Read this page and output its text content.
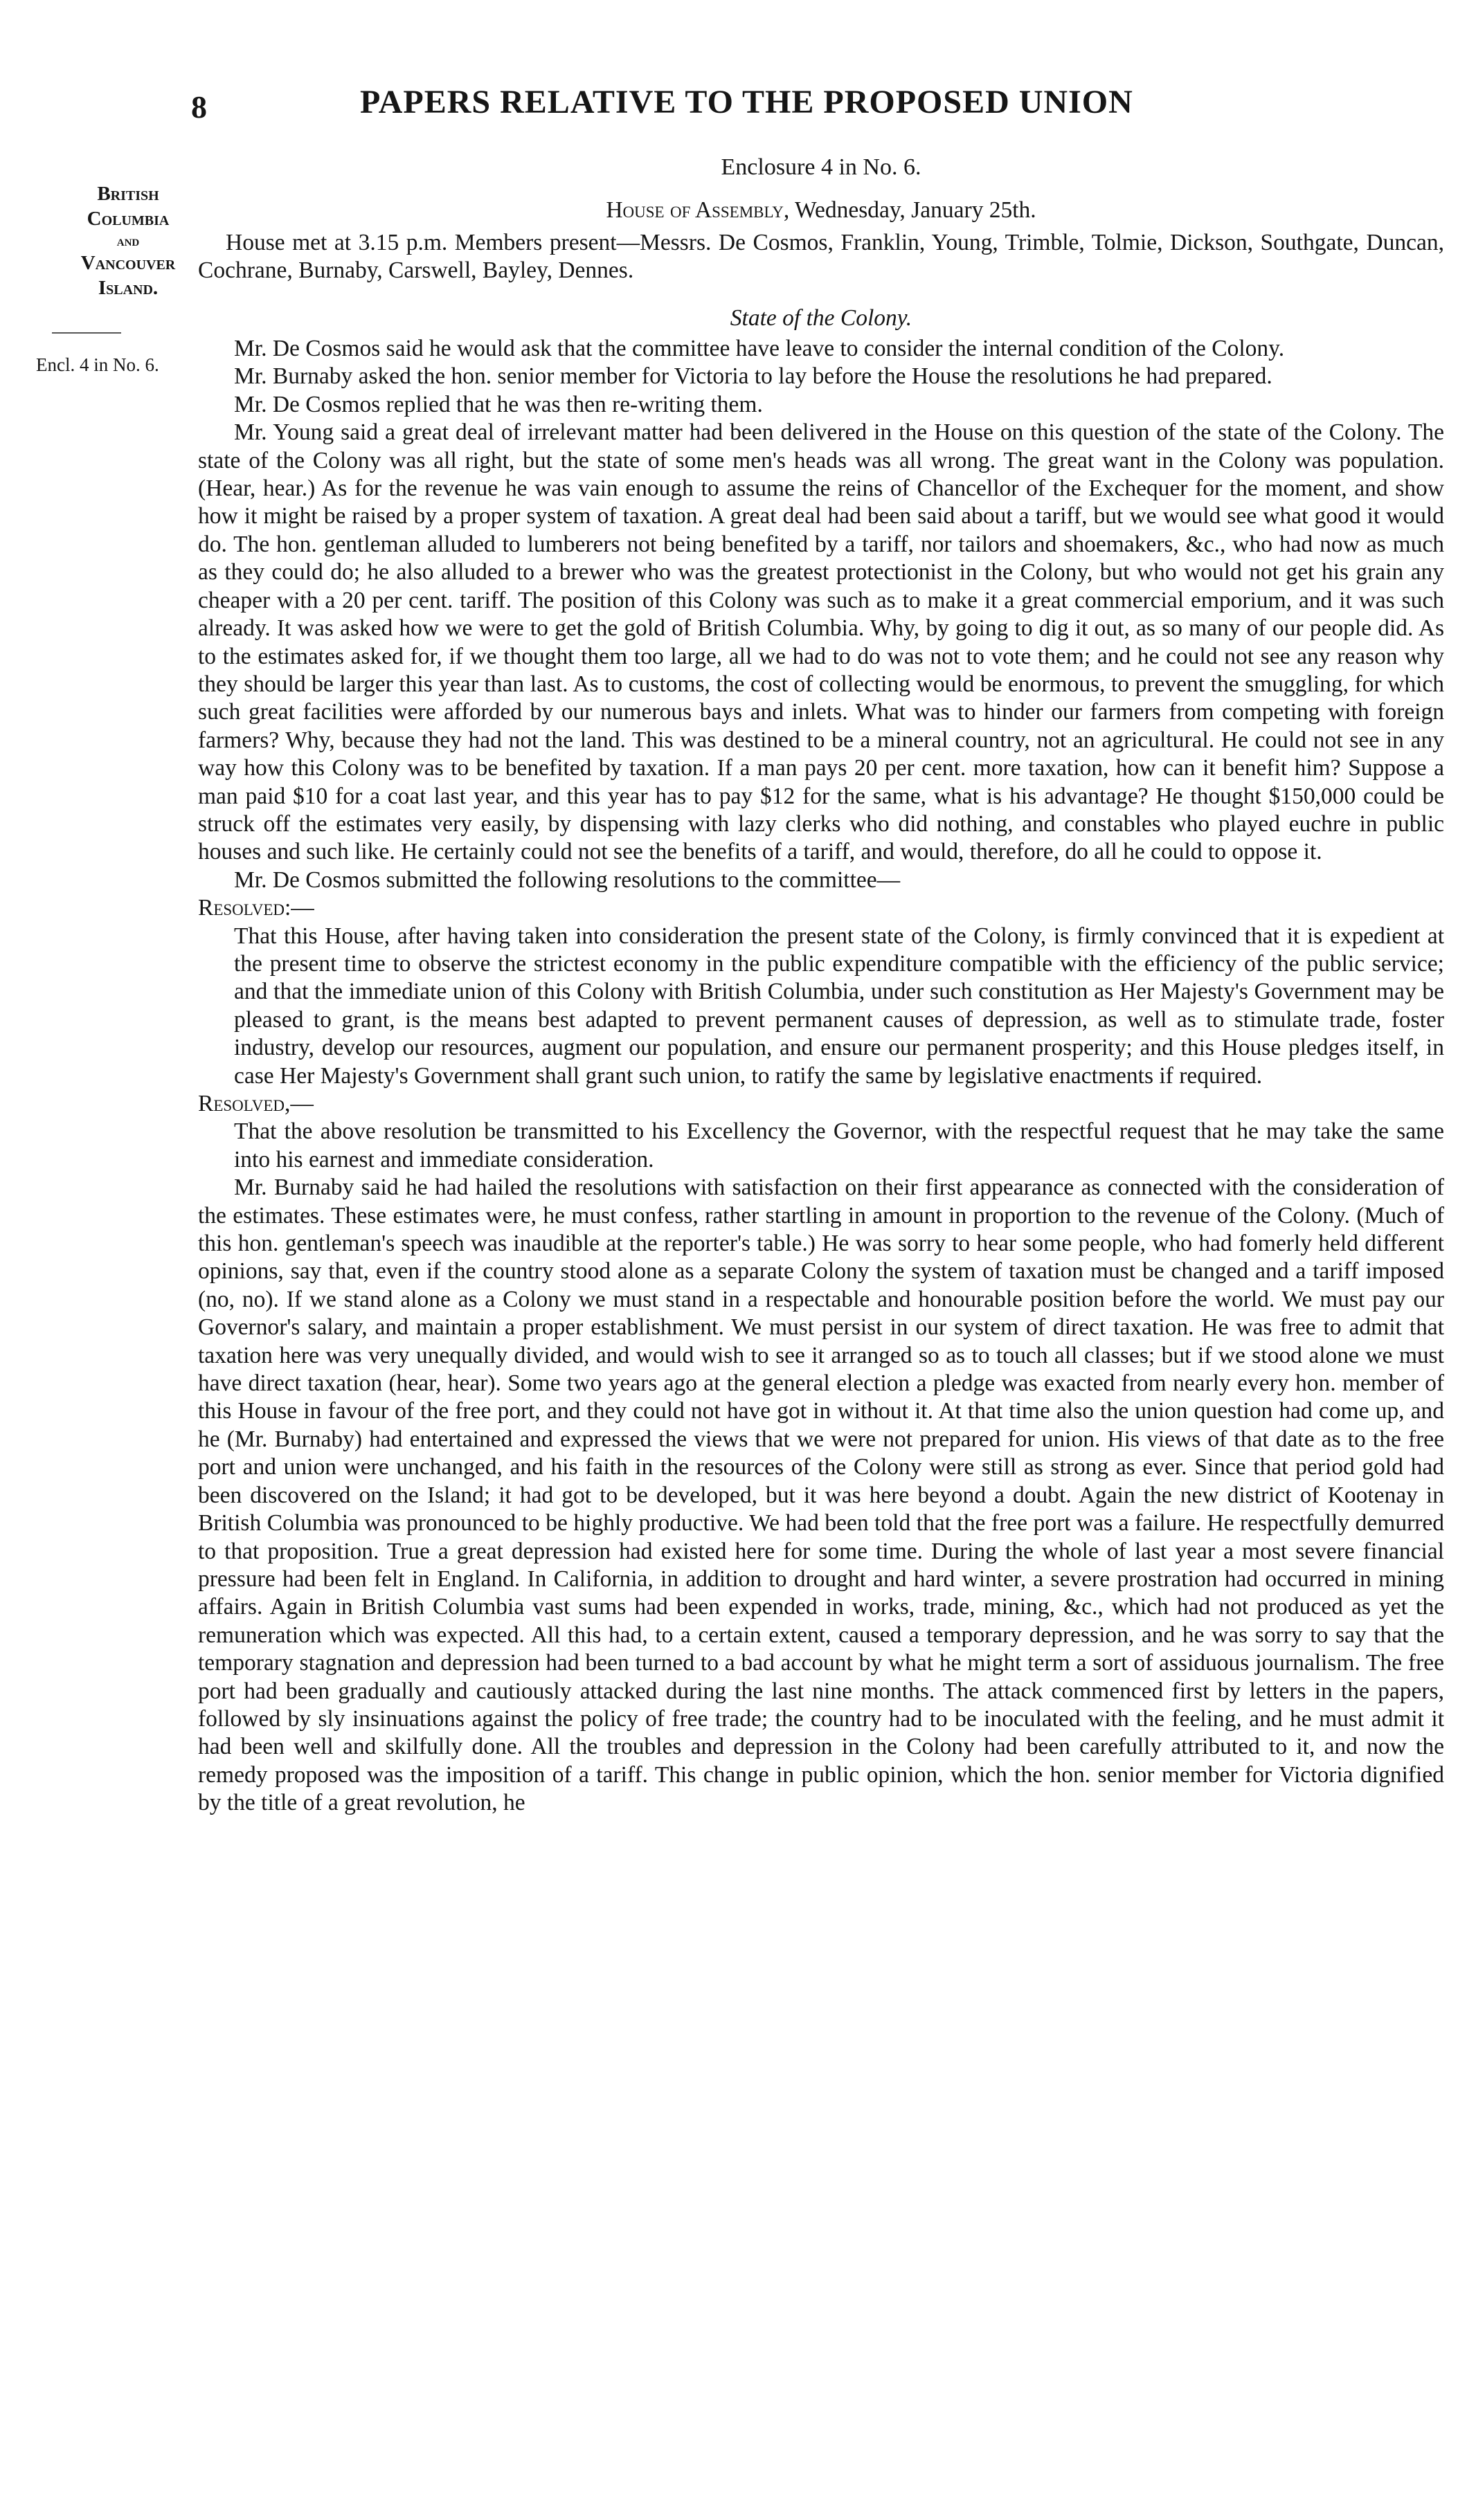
8	PAPERS RELATIVE TO THE PROPOSED UNION
British
Columbia
and
Vancouver
Island.
Encl. 4 in No. 6.

Enclosure 4 in No. 6.

House of Assembly, Wednesday, January 25th.

House met at 3.15 p.m. Members present—Messrs. De Cosmos, Franklin, Young, Trimble, Tolmie, Dickson, Southgate, Duncan, Cochrane, Burnaby, Carswell, Bayley, Dennes.

State of the Colony.

Mr. De Cosmos said he would ask that the committee have leave to consider the internal condition of the Colony.

Mr. Burnaby asked the hon. senior member for Victoria to lay before the House the resolutions he had prepared.

Mr. De Cosmos replied that he was then re-writing them.

Mr. Young said a great deal of irrelevant matter had been delivered in the House on this question of the state of the Colony. The state of the Colony was all right, but the state of some men's heads was all wrong. The great want in the Colony was population. (Hear, hear.) As for the revenue he was vain enough to assume the reins of Chancellor of the Exchequer for the moment, and show how it might be raised by a proper system of taxation. A great deal had been said about a tariff, but we would see what good it would do. The hon. gentleman alluded to lumberers not being benefited by a tariff, nor tailors and shoemakers, &c., who had now as much as they could do; he also alluded to a brewer who was the greatest protectionist in the Colony, but who would not get his grain any cheaper with a 20 per cent. tariff. The position of this Colony was such as to make it a great commercial emporium, and it was such already. It was asked how we were to get the gold of British Columbia. Why, by going to dig it out, as so many of our people did. As to the estimates asked for, if we thought them too large, all we had to do was not to vote them; and he could not see any reason why they should be larger this year than last. As to customs, the cost of collecting would be enormous, to prevent the smuggling, for which such great facilities were afforded by our numerous bays and inlets. What was to hinder our farmers from competing with foreign farmers? Why, because they had not the land. This was destined to be a mineral country, not an agricultural. He could not see in any way how this Colony was to be benefited by taxation. If a man pays 20 per cent. more taxation, how can it benefit him? Suppose a man paid $10 for a coat last year, and this year has to pay $12 for the same, what is his advantage? He thought $150,000 could be struck off the estimates very easily, by dispensing with lazy clerks who did nothing, and constables who played euchre in public houses and such like. He certainly could not see the benefits of a tariff, and would, therefore, do all he could to oppose it.

Mr. De Cosmos submitted the following resolutions to the committee—

Resolved:—

That this House, after having taken into consideration the present state of the Colony, is firmly convinced that it is expedient at the present time to observe the strictest economy in the public expenditure compatible with the efficiency of the public service; and that the immediate union of this Colony with British Columbia, under such constitution as Her Majesty's Government may be pleased to grant, is the means best adapted to prevent permanent causes of depression, as well as to stimulate trade, foster industry, develop our resources, augment our population, and ensure our permanent prosperity; and this House pledges itself, in case Her Majesty's Government shall grant such union, to ratify the same by legislative enactments if required.

Resolved,—

That the above resolution be transmitted to his Excellency the Governor, with the respectful request that he may take the same into his earnest and immediate consideration.

Mr. Burnaby said he had hailed the resolutions with satisfaction on their first appearance as connected with the consideration of the estimates. These estimates were, he must confess, rather startling in amount in proportion to the revenue of the Colony. (Much of this hon. gentleman's speech was inaudible at the reporter's table.) He was sorry to hear some people, who had fomerly held different opinions, say that, even if the country stood alone as a separate Colony the system of taxation must be changed and a tariff imposed (no, no). If we stand alone as a Colony we must stand in a respectable and honourable position before the world. We must pay our Governor's salary, and maintain a proper establishment. We must persist in our system of direct taxation. He was free to admit that taxation here was very unequally divided, and would wish to see it arranged so as to touch all classes; but if we stood alone we must have direct taxation (hear, hear). Some two years ago at the general election a pledge was exacted from nearly every hon. member of this House in favour of the free port, and they could not have got in without it. At that time also the union question had come up, and he (Mr. Burnaby) had entertained and expressed the views that we were not prepared for union. His views of that date as to the free port and union were unchanged, and his faith in the resources of the Colony were still as strong as ever. Since that period gold had been discovered on the Island; it had got to be developed, but it was here beyond a doubt. Again the new district of Kootenay in British Columbia was pronounced to be highly productive. We had been told that the free port was a failure. He respectfully demurred to that proposition. True a great depression had existed here for some time. During the whole of last year a most severe financial pressure had been felt in England. In California, in addition to drought and hard winter, a severe prostration had occurred in mining affairs. Again in British Columbia vast sums had been expended in works, trade, mining, &c., which had not produced as yet the remuneration which was expected. All this had, to a certain extent, caused a temporary depression, and he was sorry to say that the temporary stagnation and depression had been turned to a bad account by what he might term a sort of assiduous journalism. The free port had been gradually and cautiously attacked during the last nine months. The attack commenced first by letters in the papers, followed by sly insinuations against the policy of free trade; the country had to be inoculated with the feeling, and he must admit it had been well and skilfully done. All the troubles and depression in the Colony had been carefully attributed to it, and now the remedy proposed was the imposition of a tariff. This change in public opinion, which the hon. senior member for Victoria dignified by the title of a great revolution, he
